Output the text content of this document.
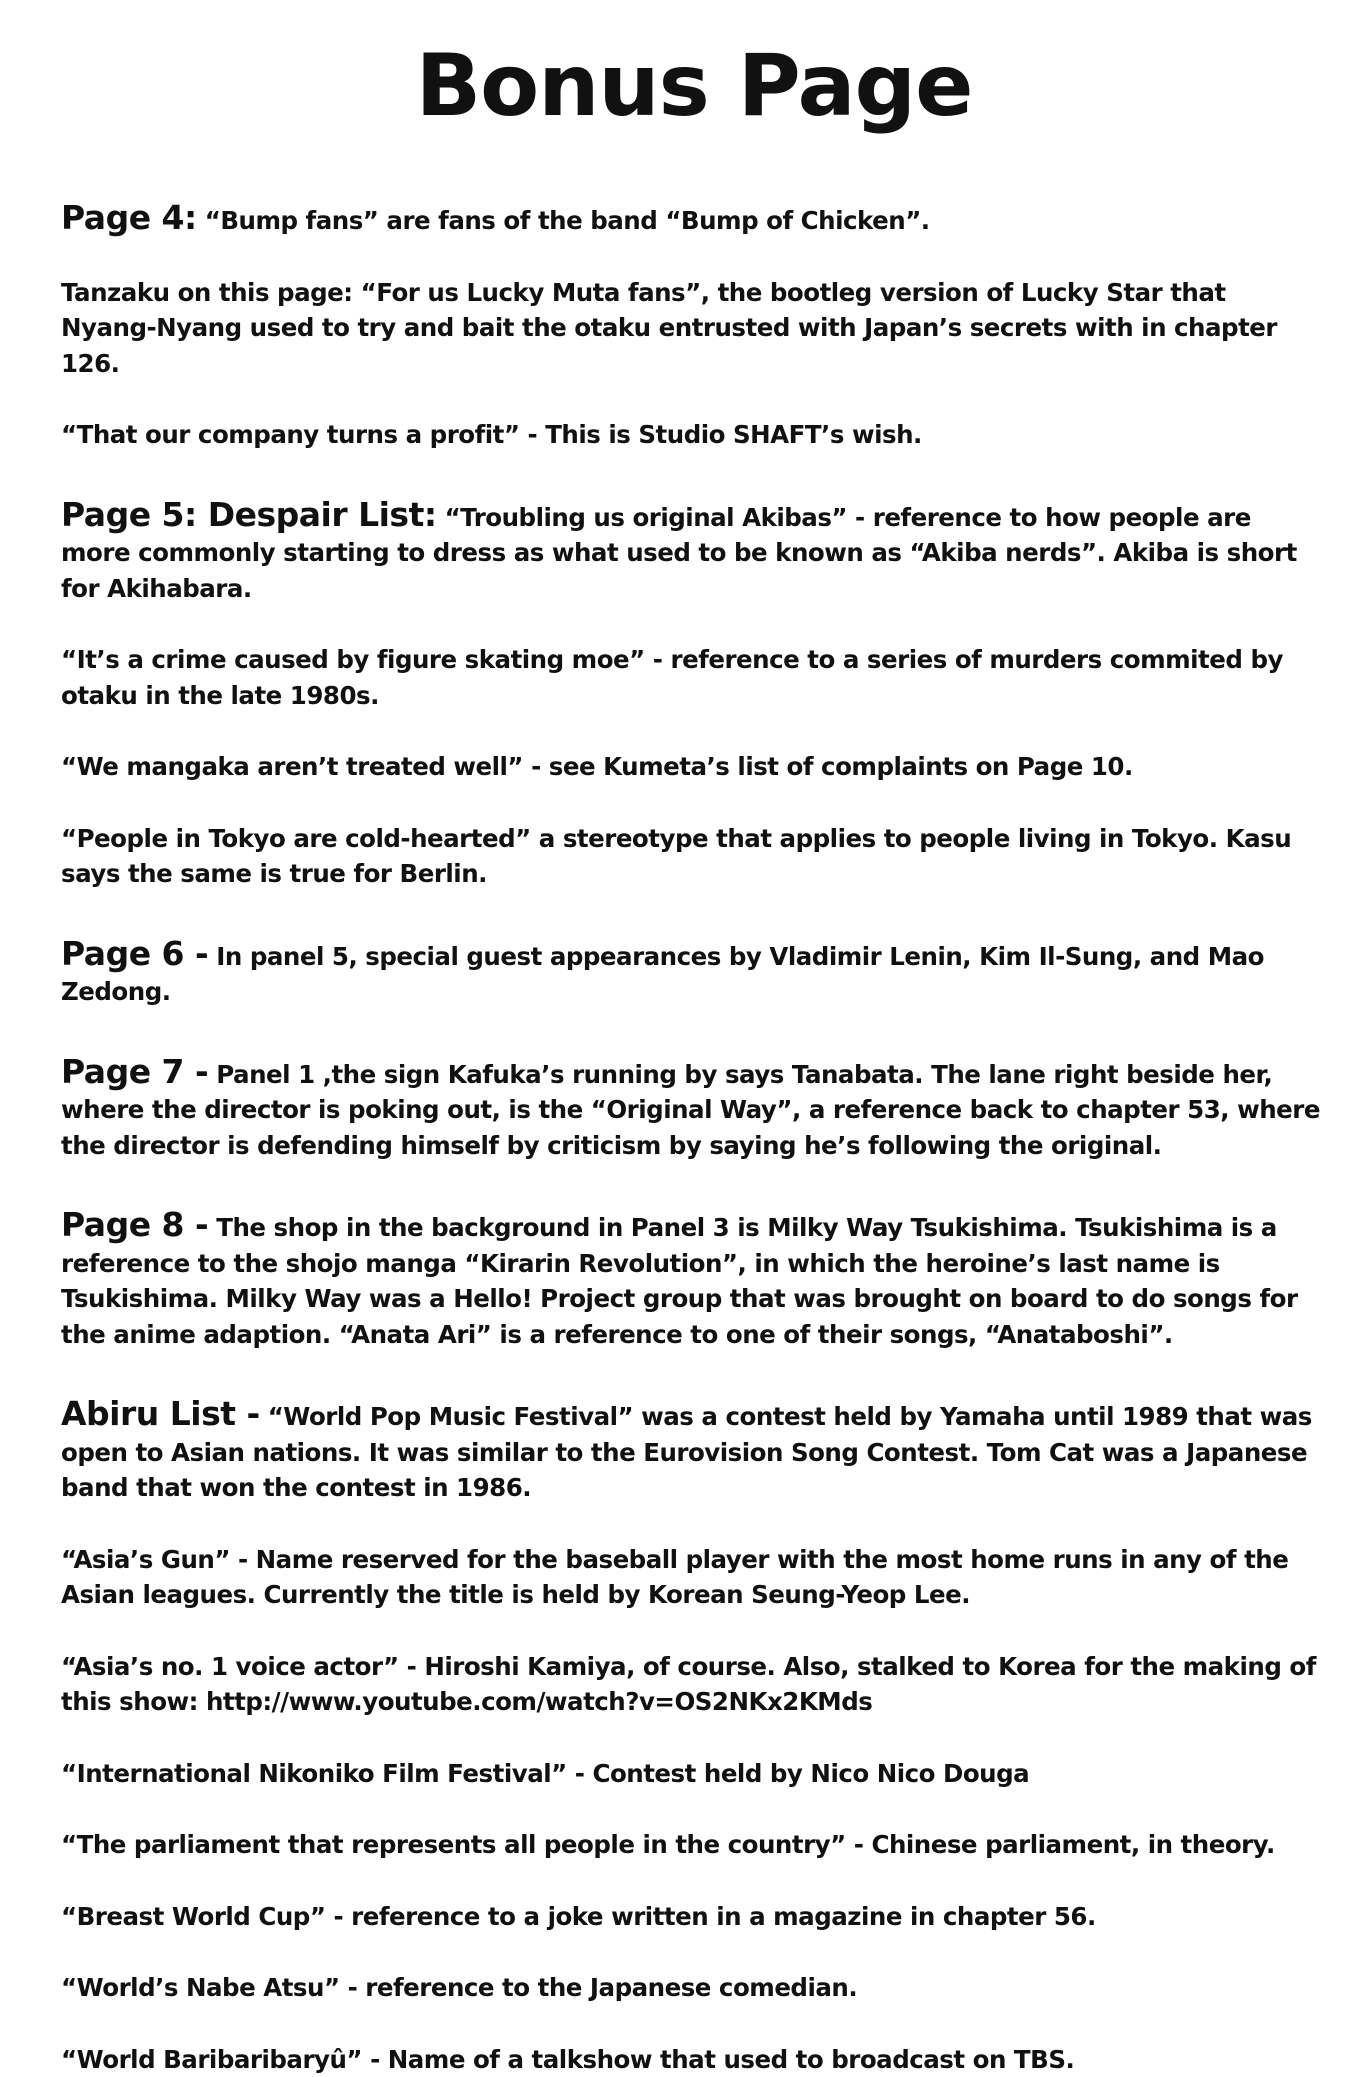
Bonus Page

Page 4: “Bump fans” are fans of the band “Bump of Chicken”.

Tanzaku on this page: “For us Lucky Muta fans”, the bootleg version of Lucky Star that Nyang-Nyang used to try and bait the otaku entrusted with Japan’s secrets with in chapter 126.

“That our company turns a profit” - This is Studio SHAFT’s wish.

Page 5: Despair List: “Troubling us original Akibas” - reference to how people are more commonly starting to dress as what used to be known as “Akiba nerds”. Akiba is short for Akihabara.

“It’s a crime caused by figure skating moe” - reference to a series of murders commited by otaku in the late 1980s.

“We mangaka aren’t treated well” - see Kumeta’s list of complaints on Page 10.

“People in Tokyo are cold-hearted” a stereotype that applies to people living in Tokyo. Kasu says the same is true for Berlin.

Page 6 - In panel 5, special guest appearances by Vladimir Lenin, Kim Il-Sung, and Mao Zedong.

Page 7 - Panel 1 ,the sign Kafuka’s running by says Tanabata. The lane right beside her, where the director is poking out, is the “Original Way”, a reference back to chapter 53, where the director is defending himself by criticism by saying he’s following the original.

Page 8 - The shop in the background in Panel 3 is Milky Way Tsukishima. Tsukishima is a reference to the shojo manga “Kirarin Revolution”, in which the heroine’s last name is Tsukishima. Milky Way was a Hello! Project group that was brought on board to do songs for the anime adaption. “Anata Ari” is a reference to one of their songs, “Anataboshi”.

Abiru List - “World Pop Music Festival” was a contest held by Yamaha until 1989 that was open to Asian nations. It was similar to the Eurovision Song Contest. Tom Cat was a Japanese band that won the contest in 1986.

“Asia’s Gun” - Name reserved for the baseball player with the most home runs in any of the Asian leagues. Currently the title is held by Korean Seung-Yeop Lee.

“Asia’s no. 1 voice actor” - Hiroshi Kamiya, of course. Also, stalked to Korea for the making of this show: http://www.youtube.com/watch?v=OS2NKx2KMds

“International Nikoniko Film Festival” - Contest held by Nico Nico Douga

“The parliament that represents all people in the country” - Chinese parliament, in theory.

“Breast World Cup” - reference to a joke written in a magazine in chapter 56.

“World’s Nabe Atsu” - reference to the Japanese comedian.

“World Baribaribaryû” - Name of a talkshow that used to broadcast on TBS.
